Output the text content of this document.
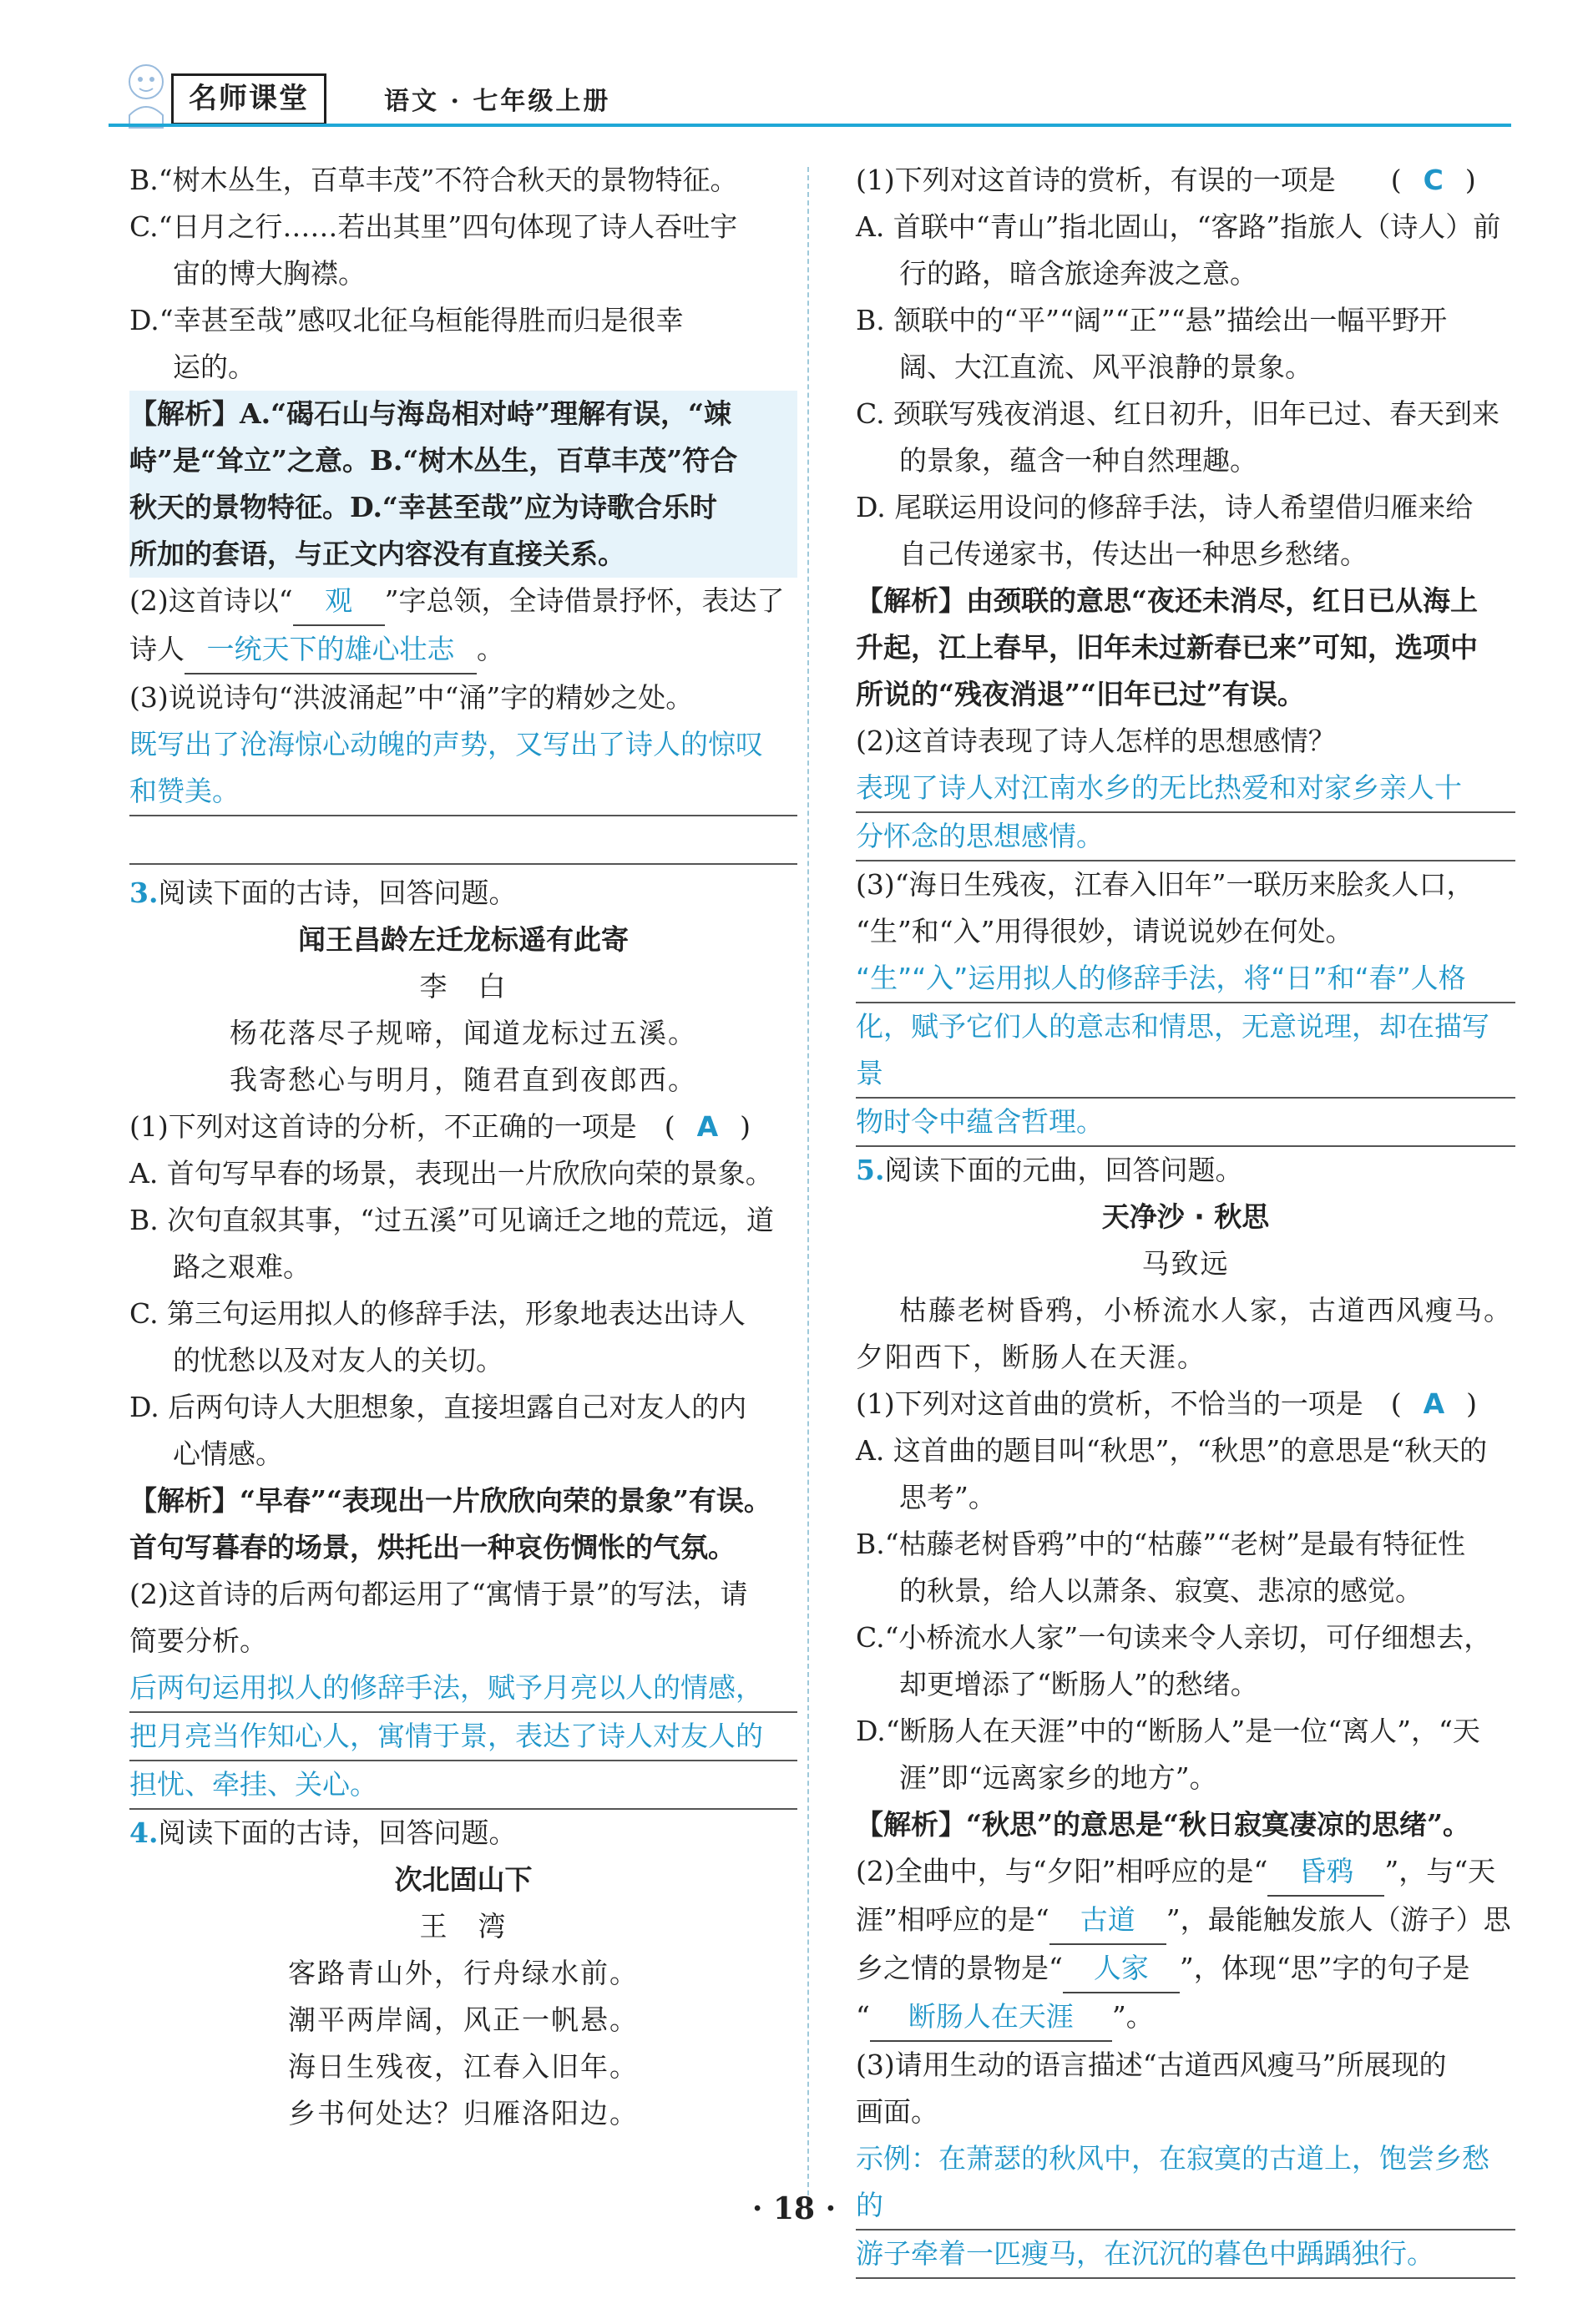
名师课堂	语文 · 七年级上册

B.“树木丛生，百草丰茂”不符合秋天的景物特征。

C.“日月之行……若出其里”四句体现了诗人吞吐宇

宙的博大胸襟。

D.“幸甚至哉”感叹北征乌桓能得胜而归是很幸

运的。

【解析】A.“碣石山与海岛相对峙”理解有误，“竦

峙”是“耸立”之意。B.“树木丛生，百草丰茂”符合

秋天的景物特征。D.“幸甚至哉”应为诗歌合乐时

所加的套语，与正文内容没有直接关系。

(2)这首诗以“ 观 ”字总领，全诗借景抒怀，表达了

诗人 一统天下的雄心壮志 。

(3)说说诗句“洪波涌起”中“涌”字的精妙之处。

既写出了沧海惊心动魄的声势，又写出了诗人的惊叹

和赞美。

3.阅读下面的古诗，回答问题。

闻王昌龄左迁龙标遥有此寄

李　白

杨花落尽子规啼，闻道龙标过五溪。

我寄愁心与明月，随君直到夜郎西。

(1)下列对这首诗的分析，不正确的一项是　( A )

A. 首句写早春的场景，表现出一片欣欣向荣的景象。

B. 次句直叙其事，“过五溪”可见谪迁之地的荒远，道

路之艰难。

C. 第三句运用拟人的修辞手法，形象地表达出诗人

的忧愁以及对友人的关切。

D. 后两句诗人大胆想象，直接坦露自己对友人的内

心情感。

【解析】“早春”“表现出一片欣欣向荣的景象”有误。

首句写暮春的场景，烘托出一种哀伤惆怅的气氛。

(2)这首诗的后两句都运用了“寓情于景”的写法，请

简要分析。

后两句运用拟人的修辞手法，赋予月亮以人的情感，

把月亮当作知心人，寓情于景，表达了诗人对友人的

担忧、牵挂、关心。

4.阅读下面的古诗，回答问题。

次北固山下

王　湾

客路青山外，行舟绿水前。

潮平两岸阔，风正一帆悬。

海日生残夜，江春入旧年。

乡书何处达？归雁洛阳边。

(1)下列对这首诗的赏析，有误的一项是　　( C )

A. 首联中“青山”指北固山，“客路”指旅人（诗人）前

行的路，暗含旅途奔波之意。

B. 颔联中的“平”“阔”“正”“悬”描绘出一幅平野开

阔、大江直流、风平浪静的景象。

C. 颈联写残夜消退、红日初升，旧年已过、春天到来

的景象，蕴含一种自然理趣。

D. 尾联运用设问的修辞手法，诗人希望借归雁来给

自己传递家书，传达出一种思乡愁绪。

【解析】由颈联的意思“夜还未消尽，红日已从海上

升起，江上春早，旧年未过新春已来”可知，选项中

所说的“残夜消退”“旧年已过”有误。

(2)这首诗表现了诗人怎样的思想感情？

表现了诗人对江南水乡的无比热爱和对家乡亲人十

分怀念的思想感情。

(3)“海日生残夜，江春入旧年”一联历来脍炙人口，

“生”和“入”用得很妙，请说说妙在何处。

“生”“入”运用拟人的修辞手法，将“日”和“春”人格

化，赋予它们人的意志和情思，无意说理，却在描写景

物时令中蕴含哲理。

5.阅读下面的元曲，回答问题。

天净沙 · 秋思

马致远

枯藤老树昏鸦，小桥流水人家，古道西风瘦马。

夕阳西下，断肠人在天涯。

(1)下列对这首曲的赏析，不恰当的一项是　( A )

A. 这首曲的题目叫“秋思”，“秋思”的意思是“秋天的

思考”。

B.“枯藤老树昏鸦”中的“枯藤”“老树”是最有特征性

的秋景，给人以萧条、寂寞、悲凉的感觉。

C.“小桥流水人家”一句读来令人亲切，可仔细想去，

却更增添了“断肠人”的愁绪。

D.“断肠人在天涯”中的“断肠人”是一位“离人”，“天

涯”即“远离家乡的地方”。

【解析】“秋思”的意思是“秋日寂寞凄凉的思绪”。

(2)全曲中，与“夕阳”相呼应的是“ 昏鸦 ”，与“天

涯”相呼应的是“ 古道 ”，最能触发旅人（游子）思

乡之情的景物是“ 人家 ”，体现“思”字的句子是

“ 断肠人在天涯 ”。

(3)请用生动的语言描述“古道西风瘦马”所展现的

画面。

示例：在萧瑟的秋风中，在寂寞的古道上，饱尝乡愁的

游子牵着一匹瘦马，在沉沉的暮色中踽踽独行。

· 18 ·
